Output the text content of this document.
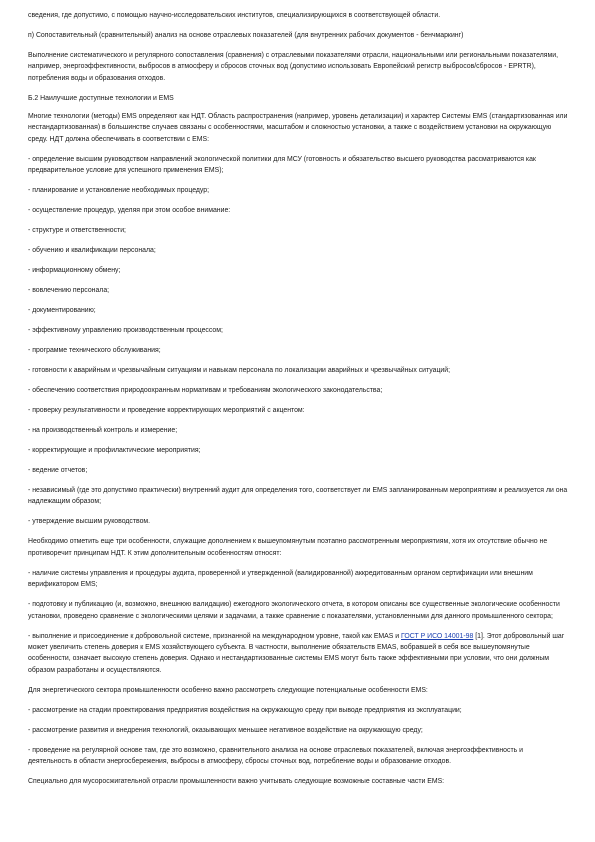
сведения, где допустимо, с помощью научно-исследовательских институтов, специализирующихся в соответствующей области.

п) Сопоставительный (сравнительный) анализ на основе отраслевых показателей (для внутренних рабочих документов - бенчмаркинг)

Выполнение систематического и регулярного сопоставления (сравнения) с отраслевыми показателями отрасли, национальными или региональными показателями, например, энергоэффективности, выбросов в атмосферу и сбросов сточных вод (допустимо использовать Европейский регистр выбросов/сбросов - EPRTR), потребления воды и образования отходов.

Б.2 Наилучшие доступные технологии и EMS

Многие технологии (методы) EMS определяют как НДТ. Область распространения (например, уровень детализации) и характер Системы EMS (стандартизованная или нестандартизованная) в большинстве случаев связаны с особенностями, масштабом и сложностью установки, а также с воздействием установки на окружающую среду. НДТ должна обеспечивать в соответствии с EMS:

- определение высшим руководством направлений экологической политики для МСУ (готовность и обязательство высшего руководства рассматриваются как предварительное условие для успешного применения EMS);

- планирование и установление необходимых процедур;

- осуществление процедур, уделяя при этом особое внимание:

- структуре и ответственности;

- обучению и квалификации персонала;

- информационному обмену;

- вовлечению персонала;

- документированию;

- эффективному управлению производственным процессом;

- программе технического обслуживания;

- готовности к аварийным и чрезвычайным ситуациям и навыкам персонала по локализации аварийных и чрезвычайных ситуаций;

- обеспечению соответствия природоохранным нормативам и требованиям экологического законодательства;

- проверку результативности и проведение корректирующих мероприятий с акцентом:

- на производственный контроль и измерение;

- корректирующие и профилактические мероприятия;

- ведение отчетов;

- независимый (где это допустимо практически) внутренний аудит для определения того, соответствует ли EMS запланированным мероприятиям и реализуется ли она надлежащим образом;

- утверждение высшим руководством.

Необходимо отметить еще три особенности, служащие дополнением к вышеупомянутым поэтапно рассмотренным мероприятиям, хотя их отсутствие обычно не противоречит принципам НДТ. К этим дополнительным особенностям относят:

- наличие системы управления и процедуры аудита, проверенной и утвержденной (валидированной) аккредитованным органом сертификации или внешним верификатором EMS;

- подготовку и публикацию (и, возможно, внешнюю валидацию) ежегодного экологического отчета, в котором описаны все существенные экологические особенности установки, проведено сравнение с экологическими целями и задачами, а также сравнение с показателями, установленными для данного промышленного сектора;

- выполнение и присоединение к добровольной системе, признанной на международном уровне, такой как EMAS и ГОСТ Р ИСО 14001-98 [1]. Этот добровольный шаг может увеличить степень доверия к EMS хозяйствующего субъекта. В частности, выполнение обязательств EMAS, вобравшей в себя все вышеупомянутые особенности, означает высокую степень доверия. Однако и нестандартизованные системы EMS могут быть также эффективными при условии, что они должным образом разработаны и осуществляются.

Для энергетического сектора промышленности особенно важно рассмотреть следующие потенциальные особенности EMS:

- рассмотрение на стадии проектирования предприятия воздействия на окружающую среду при выводе предприятия из эксплуатации;

- рассмотрение развития и внедрения технологий, оказывающих меньшее негативное воздействие на окружающую среду;

- проведение на регулярной основе там, где это возможно, сравнительного анализа на основе отраслевых показателей, включая энергоэффективность и деятельность в области энергосбережения, выбросы в атмосферу, сбросы сточных вод, потребление воды и образование отходов.

Специально для мусоросжигательной отрасли промышленности важно учитывать следующие возможные составные части EMS:
